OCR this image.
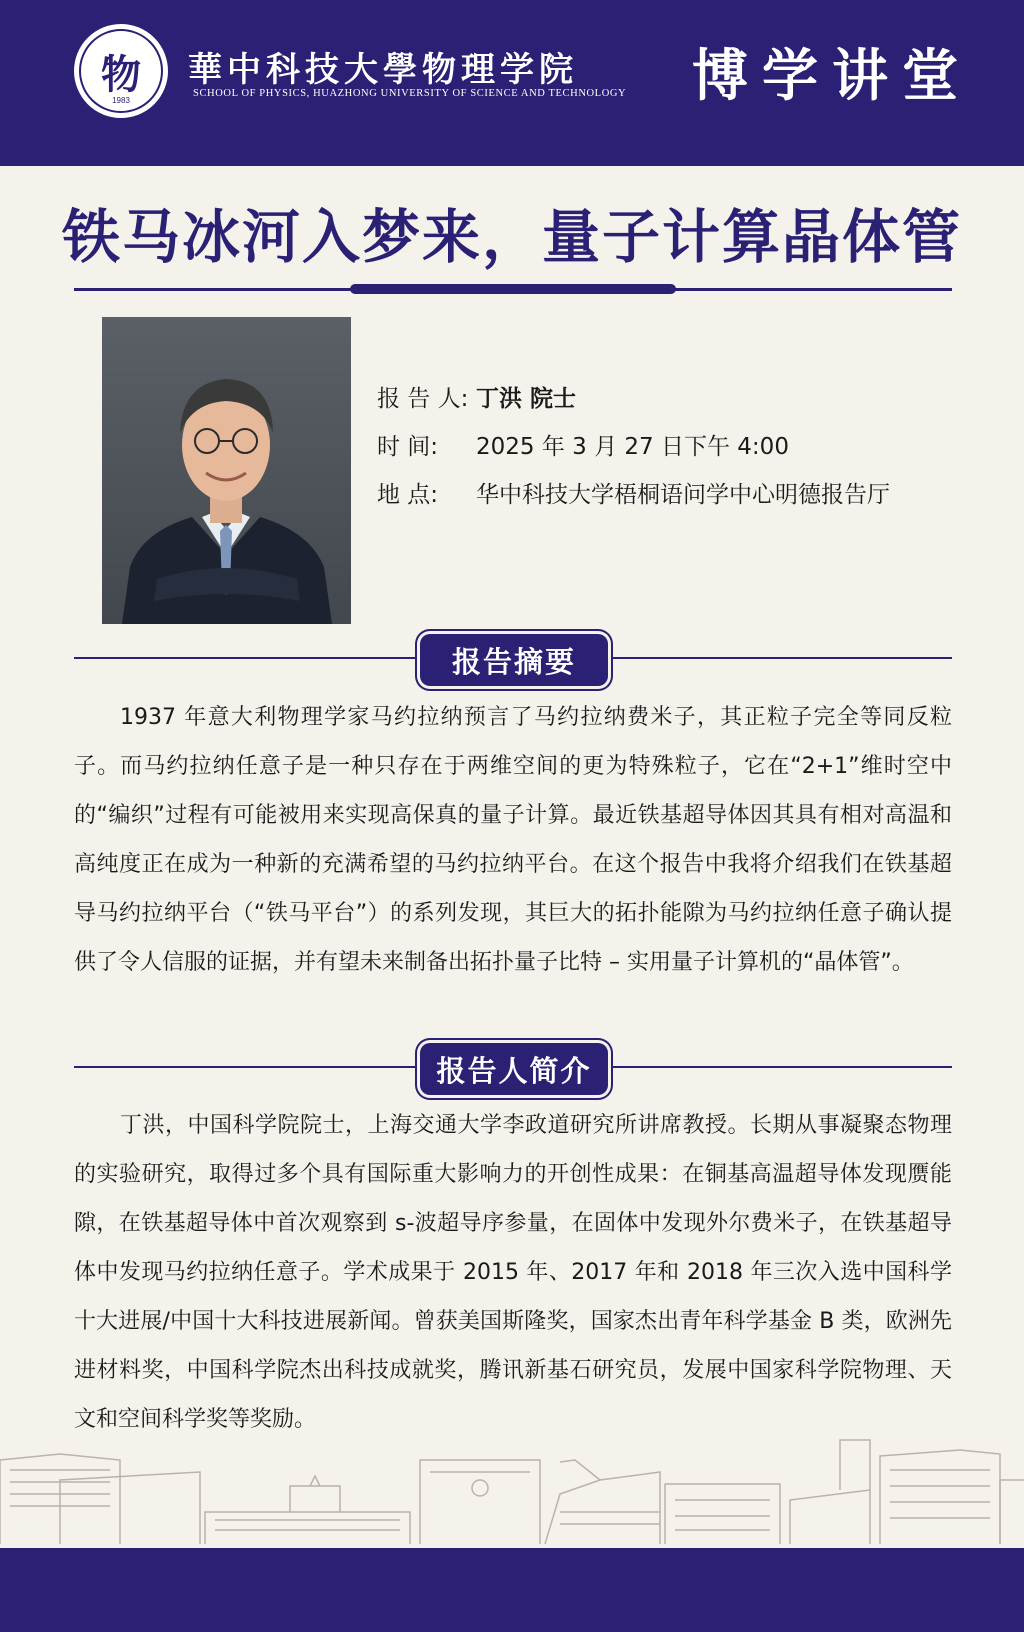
物
1983
華中科技大學物理学院
SCHOOL OF PHYSICS, HUAZHONG UNIVERSITY OF SCIENCE AND TECHNOLOGY 博学讲堂
铁马冰河入梦来，量子计算晶体管
报 告 人: 丁洪 院士
时 间:	2025 年 3 月 27 日下午 4:00
地 点:	华中科技大学梧桐语问学中心明德报告厅
报告摘要
1937 年意大利物理学家马约拉纳预言了马约拉纳费米子，其正粒子完全等同反粒子。而马约拉纳任意子是一种只存在于两维空间的更为特殊粒子，它在“2+1”维时空中的“编织”过程有可能被用来实现高保真的量子计算。最近铁基超导体因其具有相对高温和高纯度正在成为一种新的充满希望的马约拉纳平台。在这个报告中我将介绍我们在铁基超导马约拉纳平台（“铁马平台”）的系列发现，其巨大的拓扑能隙为马约拉纳任意子确认提供了令人信服的证据，并有望未来制备出拓扑量子比特 – 实用量子计算机的“晶体管”。
报告人简介
丁洪，中国科学院院士，上海交通大学李政道研究所讲席教授。长期从事凝聚态物理的实验研究，取得过多个具有国际重大影响力的开创性成果：在铜基高温超导体发现赝能隙，在铁基超导体中首次观察到 s-波超导序参量，在固体中发现外尔费米子，在铁基超导体中发现马约拉纳任意子。学术成果于 2015 年、2017 年和 2018 年三次入选中国科学十大进展/中国十大科技进展新闻。曾获美国斯隆奖，国家杰出青年科学基金 B 类，欧洲先进材料奖，中国科学院杰出科技成就奖，腾讯新基石研究员，发展中国家科学院物理、天文和空间科学奖等奖励。
